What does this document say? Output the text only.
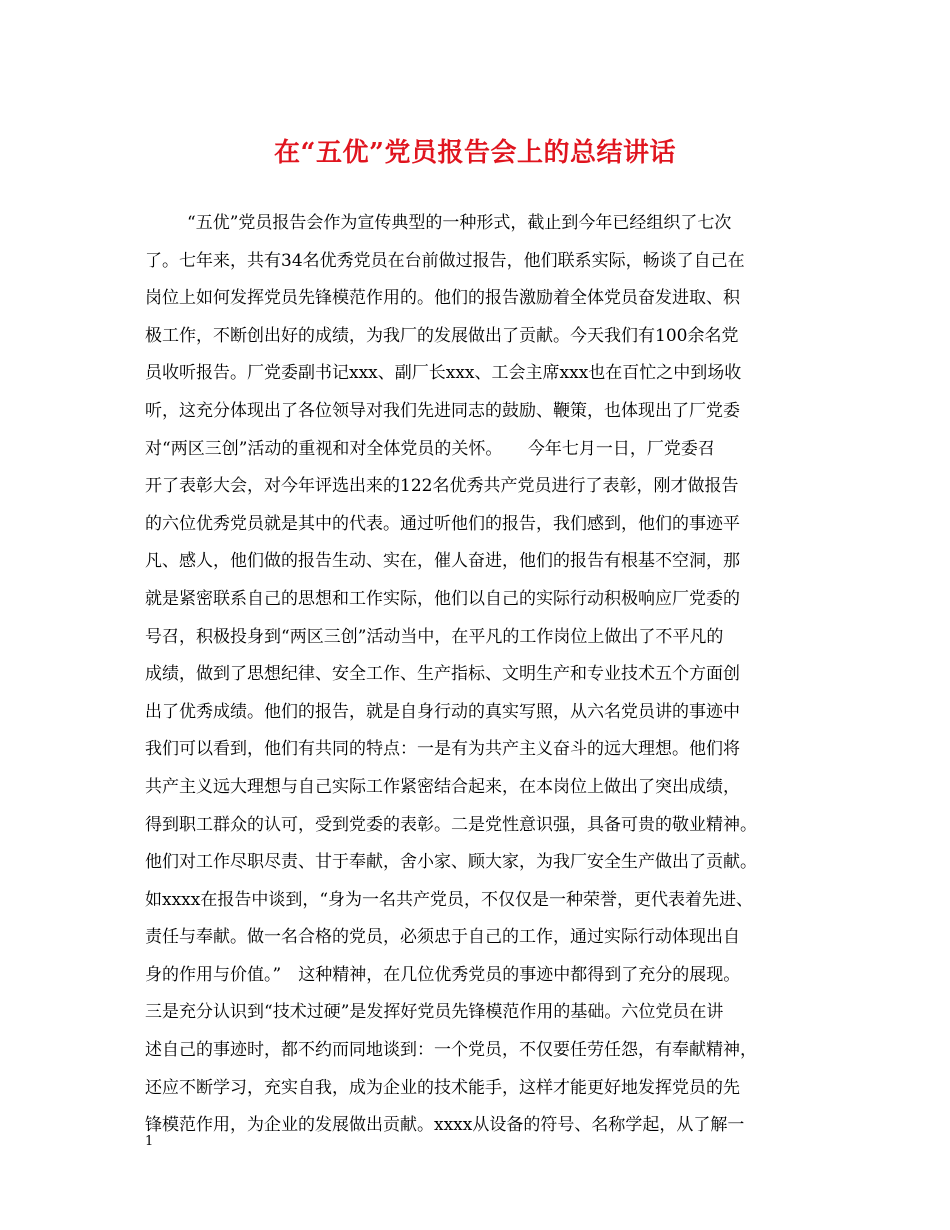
在“五优”党员报告会上的总结讲话
“五优”党员报告会作为宣传典型的一种形式，截止到今年已经组织了七次
了。七年来，共有34名优秀党员在台前做过报告，他们联系实际，畅谈了自己在
岗位上如何发挥党员先锋模范作用的。他们的报告激励着全体党员奋发进取、积
极工作，不断创出好的成绩，为我厂的发展做出了贡献。今天我们有100余名党
员收听报告。厂党委副书记xxx、副厂长xxx、工会主席xxx也在百忙之中到场收
听，这充分体现出了各位领导对我们先进同志的鼓励、鞭策，也体现出了厂党委
对“两区三创”活动的重视和对全体党员的关怀。　　今年七月一日，厂党委召
开了表彰大会，对今年评选出来的122名优秀共产党员进行了表彰，刚才做报告
的六位优秀党员就是其中的代表。通过听他们的报告，我们感到，他们的事迹平
凡、感人，他们做的报告生动、实在，催人奋进，他们的报告有根基不空洞，那
就是紧密联系自己的思想和工作实际，他们以自己的实际行动积极响应厂党委的
号召，积极投身到“两区三创”活动当中，在平凡的工作岗位上做出了不平凡的
成绩，做到了思想纪律、安全工作、生产指标、文明生产和专业技术五个方面创
出了优秀成绩。他们的报告，就是自身行动的真实写照，从六名党员讲的事迹中
我们可以看到，他们有共同的特点：一是有为共产主义奋斗的远大理想。他们将
共产主义远大理想与自己实际工作紧密结合起来，在本岗位上做出了突出成绩，
得到职工群众的认可，受到党委的表彰。二是党性意识强，具备可贵的敬业精神。
他们对工作尽职尽责、甘于奉献，舍小家、顾大家，为我厂安全生产做出了贡献。
如xxxx在报告中谈到，“身为一名共产党员，不仅仅是一种荣誉，更代表着先进、
责任与奉献。做一名合格的党员，必须忠于自己的工作，通过实际行动体现出自
身的作用与价值。”　这种精神，在几位优秀党员的事迹中都得到了充分的展现。
三是充分认识到“技术过硬”是发挥好党员先锋模范作用的基础。六位党员在讲
述自己的事迹时，都不约而同地谈到：一个党员，不仅要任劳任怨，有奉献精神，
还应不断学习，充实自我，成为企业的技术能手，这样才能更好地发挥党员的先
锋模范作用，为企业的发展做出贡献。xxxx从设备的符号、名称学起，从了解一
1
